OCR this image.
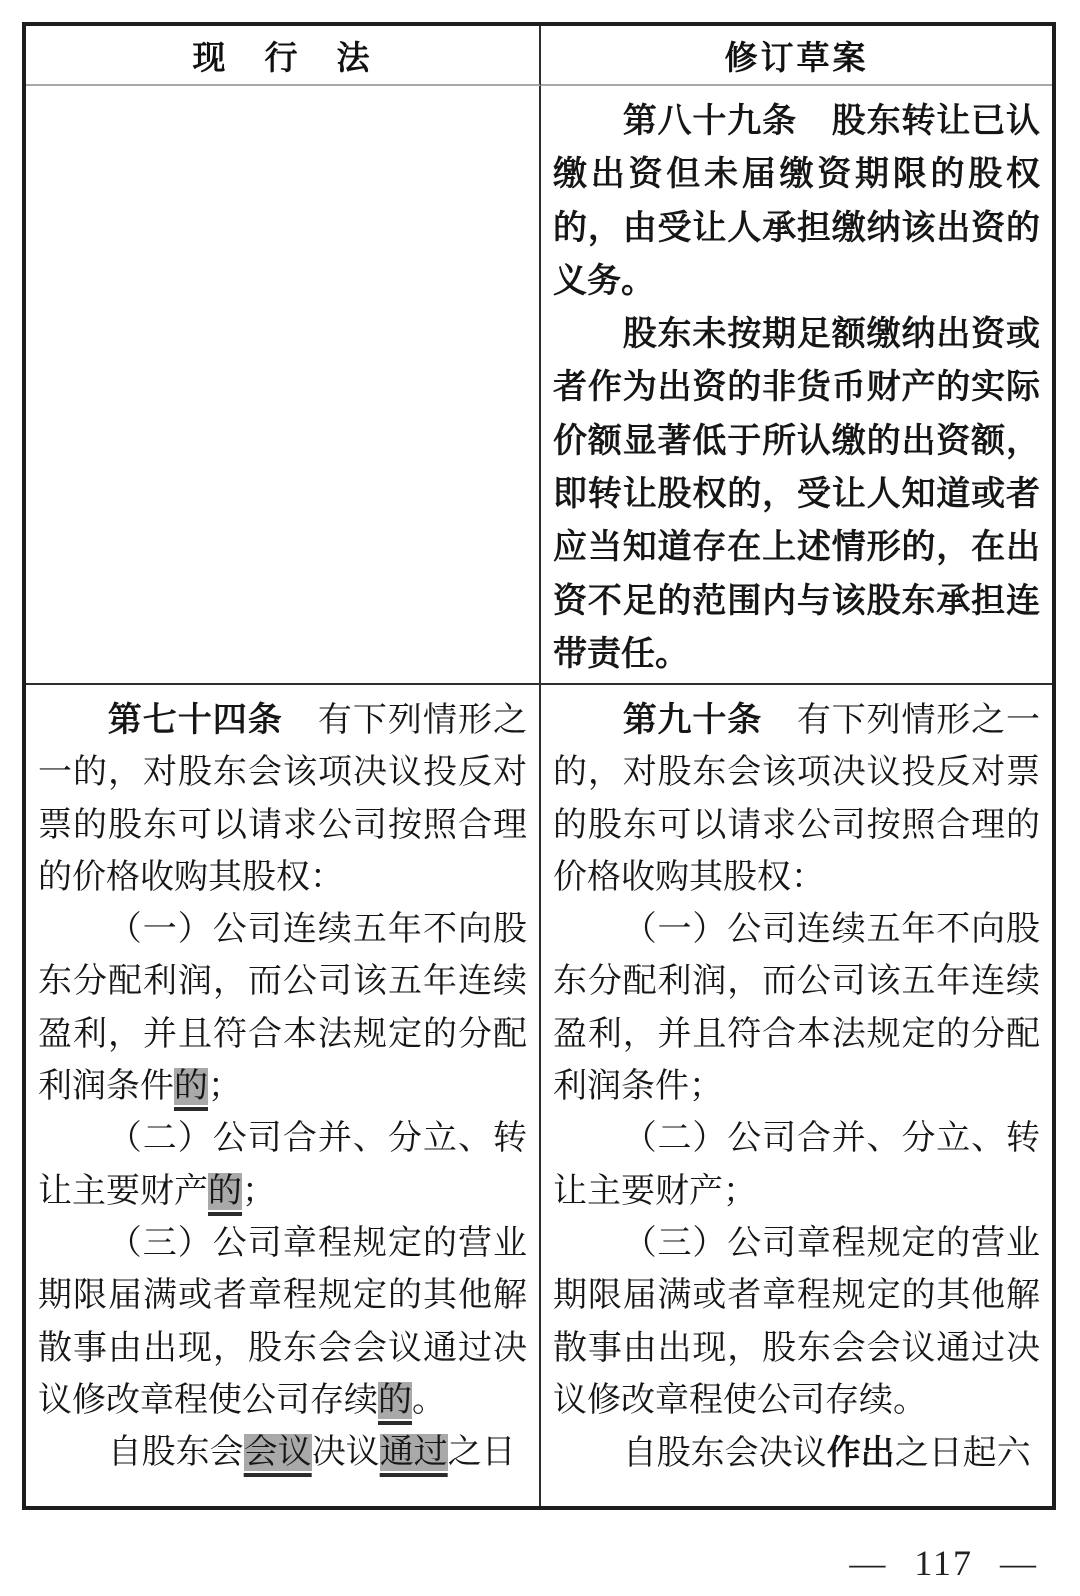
现　行　法	修订草案

第八十九条　股东转让已认缴出资但未届缴资期限的股权的，由受让人承担缴纳该出资的义务。

股东未按期足额缴纳出资或者作为出资的非货币财产的实际价额显著低于所认缴的出资额，即转让股权的，受让人知道或者应当知道存在上述情形的，在出资不足的范围内与该股东承担连带责任。

第七十四条　有下列情形之一的，对股东会该项决议投反对票的股东可以请求公司按照合理的价格收购其股权：

（一）公司连续五年不向股东分配利润，而公司该五年连续盈利，并且符合本法规定的分配利润条件的；

（二）公司合并、分立、转让主要财产的；

（三）公司章程规定的营业期限届满或者章程规定的其他解散事由出现，股东会会议通过决议修改章程使公司存续的。

自股东会会议决议通过之日

第九十条　有下列情形之一的，对股东会该项决议投反对票的股东可以请求公司按照合理的价格收购其股权：

（一）公司连续五年不向股东分配利润，而公司该五年连续盈利，并且符合本法规定的分配利润条件；

（二）公司合并、分立、转让主要财产；

（三）公司章程规定的营业期限届满或者章程规定的其他解散事由出现，股东会会议通过决议修改章程使公司存续。

自股东会决议作出之日起六

— 117 —
